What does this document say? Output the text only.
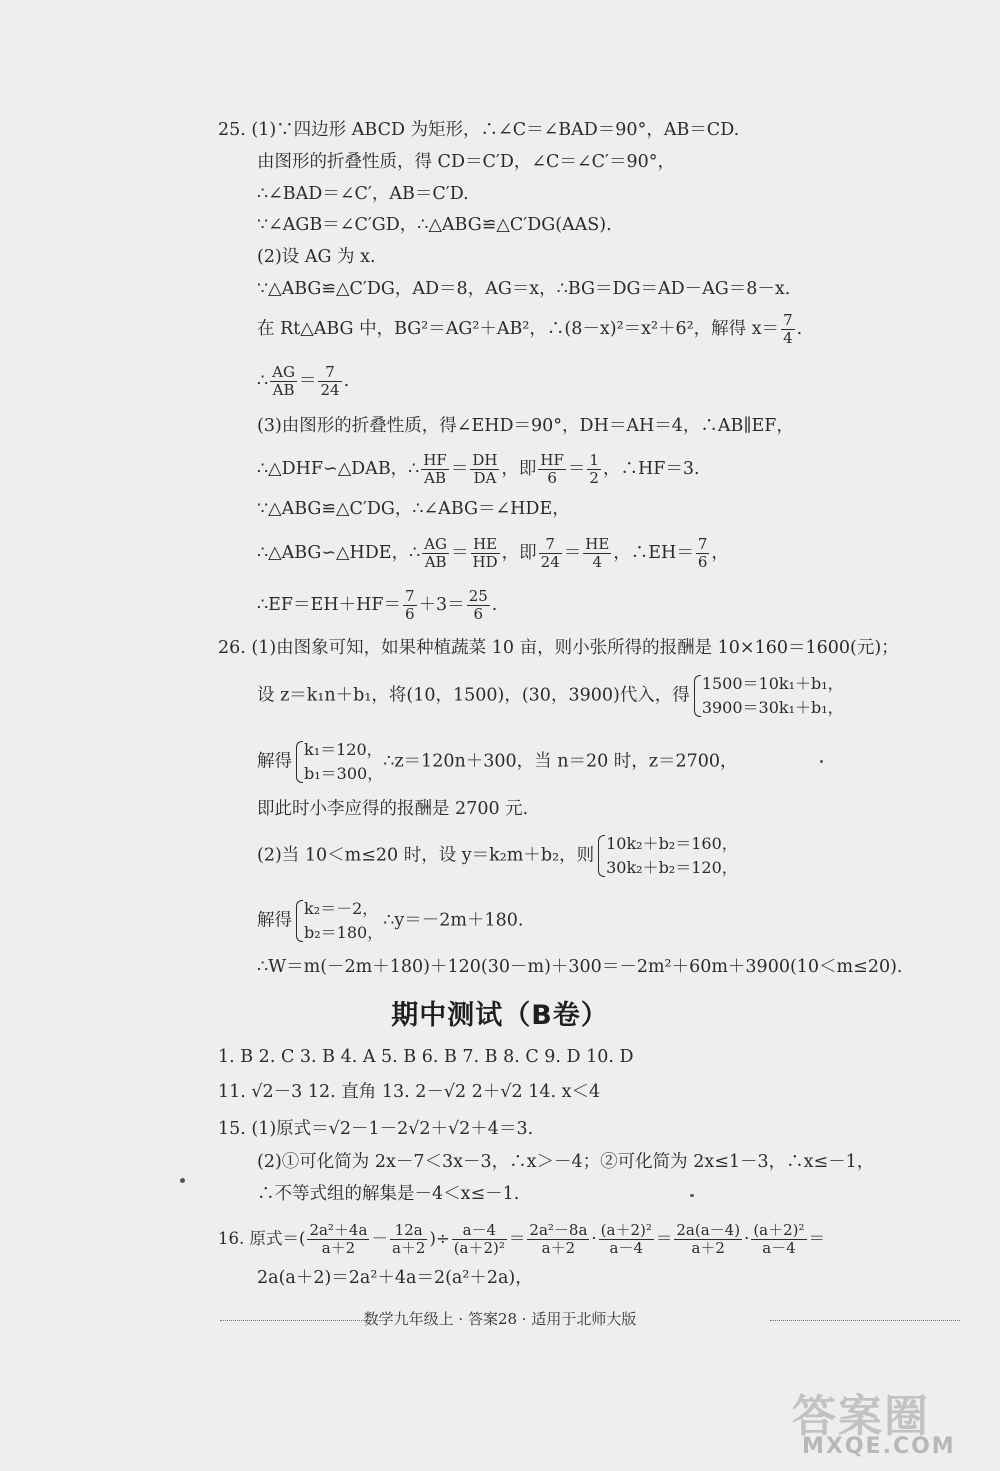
25. (1)∵四边形 ABCD 为矩形，∴∠C＝∠BAD＝90°，AB＝CD.
由图形的折叠性质，得 CD＝C′D，∠C＝∠C′＝90°，
∴∠BAD＝∠C′，AB＝C′D.
∵∠AGB＝∠C′GD，∴△ABG≌△C′DG(AAS).
(2)设 AG 为 x.
∵△ABG≌△C′DG，AD＝8，AG＝x，∴BG＝DG＝AD－AG＝8－x.
在 Rt△ABG 中，BG²＝AG²＋AB²，∴(8－x)²＝x²＋6²，解得 $x= \frac{7}{4}$ .
∴ $\frac{AG}{AB} = \frac{7}{24}$ .
(3)由图形的折叠性质，得∠EHD＝90°，DH＝AH＝4，∴AB∥EF，
∴△DHF∽△DAB，∴ $\frac{HF}{AB} = \frac{DH}{DA}$ ，即 $\frac{HF}{6} = \frac{1}{2}$ ，∴HF＝3.
∵△ABG≌△C′DG，∴∠ABG＝∠HDE，
∴△ABG∽△HDE，∴ $\frac{AG}{AB} = \frac{HE}{HD}$ ，即 $\frac{7}{24} = \frac{HE}{4}$ ，∴EH＝ $\frac{7}{6}$ ，
∴EF＝EH＋HF＝ $\frac{7}{6} +3= \frac{25}{6}$ .
26. (1)由图象可知，如果种植蔬菜 10 亩，则小张所得的报酬是 10×160＝1600(元)；
设 z＝k₁n＋b₁，将(10，1500)，(30，3900)代入，得
1500＝10k₁＋b₁，
3900＝30k₁＋b₁，
解得
k₁＝120，
b₁＝300，
∴z＝120n＋300，当 n＝20 时，z＝2700，
即此时小李应得的报酬是 2700 元.
(2)当 10＜m≤20 时，设 y＝k₂m＋b₂，则
10k₂＋b₂＝160，
30k₂＋b₂＝120，
解得
k₂＝－2，
b₂＝180，
∴y＝－2m＋180.
∴W＝m(－2m＋180)＋120(30－m)＋300＝－2m²＋60m＋3900(10＜m≤20).
期中测试（B卷）
1. B 2. C 3. B 4. A 5. B 6. B 7. B 8. C 9. D 10. D
11. √2－3 12. 直角 13. 2－√2 2＋√2 14. x＜4
15. (1)原式＝√2－1－2√2＋√2＋4＝3.
(2)①可化简为 2x－7＜3x－3，∴x＞－4；②可化简为 2x≤1－3，∴x≤－1，
∴不等式组的解集是－4＜x≤－1.
16. 原式＝( $\frac{\text{2a²＋4a}}{a+2} - \frac{12a}{a+2}$ )÷ $\frac{a-4}{\text{(a＋2)²}} = \frac{\text{2a²－8a}}{a+2} \cdot \frac{\text{(a＋2)²}}{a-4} = \frac{2a(a-4)}{a+2} \cdot \frac{\text{(a＋2)²}}{a-4}$ ＝
2a(a＋2)＝2a²＋4a＝2(a²＋2a)，
数学九年级上 · 答案28 · 适用于北师大版
答案圈
MXQE.COM
